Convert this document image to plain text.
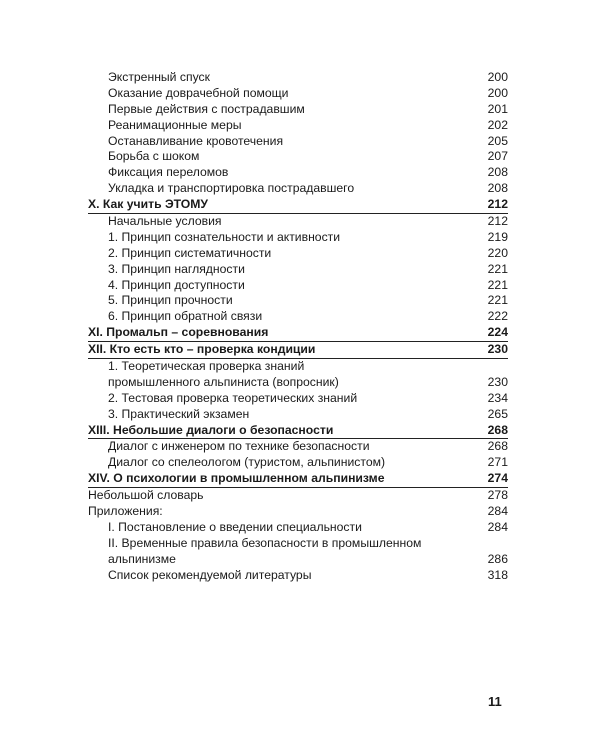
Экстренный спуск	200
Оказание доврачебной помощи	200
Первые действия с пострадавшим	201
Реанимационные меры	202
Останавливание кровотечения	205
Борьба с шоком	207
Фиксация переломов	208
Укладка и транспортировка пострадавшего	208
X. Как учить ЭТОМУ	212
Начальные условия	212
1. Принцип сознательности и активности	219
2. Принцип систематичности	220
3. Принцип наглядности	221
4. Принцип доступности	221
5. Принцип прочности	221
6. Принцип обратной связи	222
XI. Промальп – соревнования	224
XII. Кто есть кто – проверка кондиции	230
1. Теоретическая проверка знаний
промышленного альпиниста (вопросник)	230
2. Тестовая проверка теоретических знаний	234
3. Практический экзамен	265
XIII. Небольшие диалоги о безопасности	268
Диалог с инженером по технике безопасности	268
Диалог со спелеологом (туристом, альпинистом)	271
XIV. О психологии в промышленном альпинизме	274
Небольшой словарь	278
Приложения:	284
I. Постановление о введении специальности	284
II. Временные правила безопасности в промышленном
альпинизме	286
Список рекомендуемой литературы	318
11
